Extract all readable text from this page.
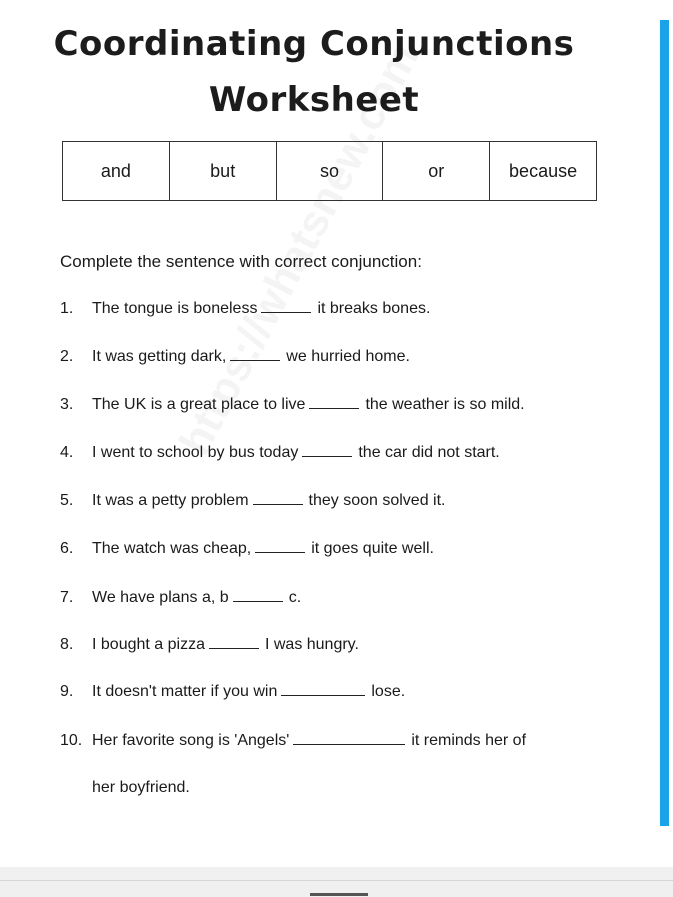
Coordinating Conjunctions
Worksheet
and	but	so	or	because
Complete the sentence with correct conjunction:
1.	The tongue is boneless	it breaks bones.
2.	It was getting dark,	we hurried home.
3.	The UK is a great place to live	the weather is so mild.
4.	I went to school by bus today	the car did not start.
5.	It was a petty problem	they soon solved it.
6.	The watch was cheap,	it goes quite well.
7.	We have plans a, b	c.
8.	I bought a pizza	I was hungry.
9.	It doesn't matter if you win	lose.
10. Her favorite song is 'Angels'	it reminds her of
her boyfriend.
